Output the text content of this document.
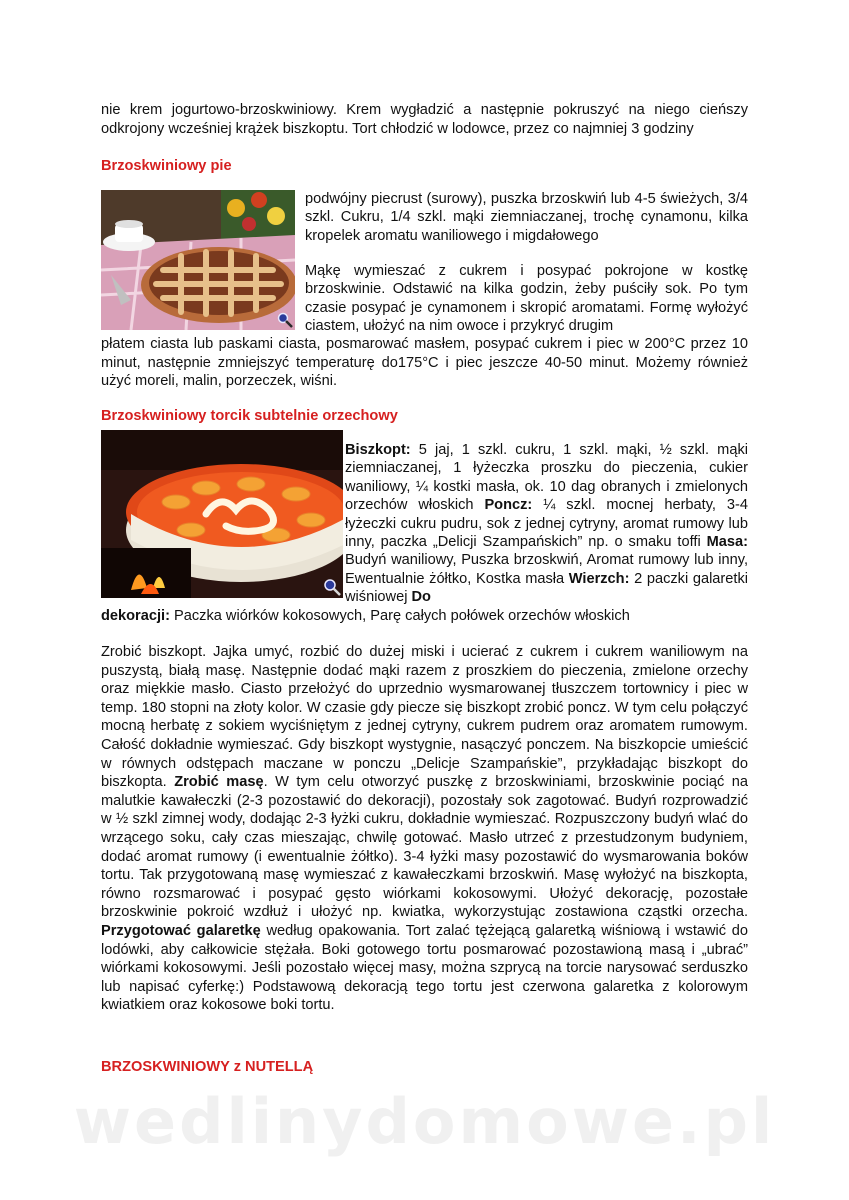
nie krem jogurtowo-brzoskwiniowy. Krem wygładzić a następnie pokruszyć na niego cieńszy odkrojony wcześniej krążek biszkoptu. Tort chłodzić w lodowce, przez co najmniej 3 godziny

Brzoskwiniowy pie

podwójny piecrust (surowy), puszka brzoskwiń lub 4-5 świeżych, 3/4 szkl. Cukru, 1/4 szkl. mąki ziemniaczanej, trochę cynamonu, kilka kropelek aromatu waniliowego i migdałowego

Mąkę wymieszać z cukrem i posypać pokrojone w kostkę brzoskwinie. Odstawić na kilka godzin, żeby puściły sok. Po tym czasie posypać je cynamonem i skropić aromatami. Formę wyłożyć ciastem, ułożyć na nim owoce i przykryć drugim

płatem ciasta lub paskami ciasta, posmarować masłem, posypać cukrem i piec w 200°C przez 10 minut, następnie zmniejszyć temperaturę do175°C i piec jeszcze 40-50 minut. Możemy również użyć moreli, malin, porzeczek, wiśni.

Brzoskwiniowy torcik subtelnie orzechowy

Biszkopt: 5 jaj, 1 szkl. cukru, 1 szkl. mąki, ½ szkl. mąki ziemniaczanej, 1 łyżeczka proszku do pieczenia, cukier waniliowy, ¼ kostki masła, ok. 10 dag obranych i zmielonych orzechów włoskich Poncz: ¼ szkl. mocnej herbaty, 3-4 łyżeczki cukru pudru, sok z jednej cytryny, aromat rumowy lub inny, paczka „Delicji Szampańskich” np. o smaku toffi Masa: Budyń waniliowy, Puszka brzoskwiń, Aromat rumowy lub inny, Ewentualnie żółtko, Kostka masła Wierzch: 2 paczki galaretki wiśniowej Do

dekoracji: Paczka wiórków kokosowych, Parę całych połówek orzechów włoskich

Zrobić biszkopt. Jajka umyć, rozbić do dużej miski i ucierać z cukrem i cukrem waniliowym na puszystą, białą masę. Następnie dodać mąki razem z proszkiem do pieczenia, zmielone orzechy oraz miękkie masło. Ciasto przełożyć do uprzednio wysmarowanej tłuszczem tortownicy i piec w temp. 180 stopni na złoty kolor. W czasie gdy piecze się biszkopt zrobić poncz. W tym celu połączyć mocną herbatę z sokiem wyciśniętym z jednej cytryny, cukrem pudrem oraz aromatem rumowym. Całość dokładnie wymieszać. Gdy biszkopt wystygnie, nasączyć ponczem. Na biszkopcie umieścić w równych odstępach maczane w ponczu „Delicje Szampańskie”, przykładając biszkopt do biszkopta. Zrobić masę. W tym celu otworzyć puszkę z brzoskwiniami, brzoskwinie pociąć na malutkie kawałeczki (2-3 pozostawić do dekoracji), pozostały sok zagotować. Budyń rozprowadzić w ½ szkl zimnej wody, dodając 2-3 łyżki cukru, dokładnie wymieszać. Rozpuszczony budyń wlać do wrzącego soku, cały czas mieszając, chwilę gotować. Masło utrzeć z przestudzonym budyniem, dodać aromat rumowy (i ewentualnie żółtko). 3-4 łyżki masy pozostawić do wysmarowania boków tortu. Tak przygotowaną masę wymieszać z kawałeczkami brzoskwiń. Masę wyłożyć na biszkopta, równo rozsmarować i posypać gęsto wiórkami kokosowymi. Ułożyć dekorację, pozostałe brzoskwinie pokroić wzdłuż i ułożyć np. kwiatka, wykorzystując zostawiona cząstki orzecha. Przygotować galaretkę według opakowania. Tort zalać tężejącą galaretką wiśniową i wstawić do lodówki, aby całkowicie stężała. Boki gotowego tortu posmarować pozostawioną masą i „ubrać” wiórkami kokosowymi. Jeśli pozostało więcej masy, można szprycą na torcie narysować serduszko lub napisać cyferkę:) Podstawową dekoracją tego tortu jest czerwona galaretka z kolorowym kwiatkiem oraz kokosowe boki tortu.

BRZOSKWINIOWY z NUTELLĄ

wedlinydomowe.pl
